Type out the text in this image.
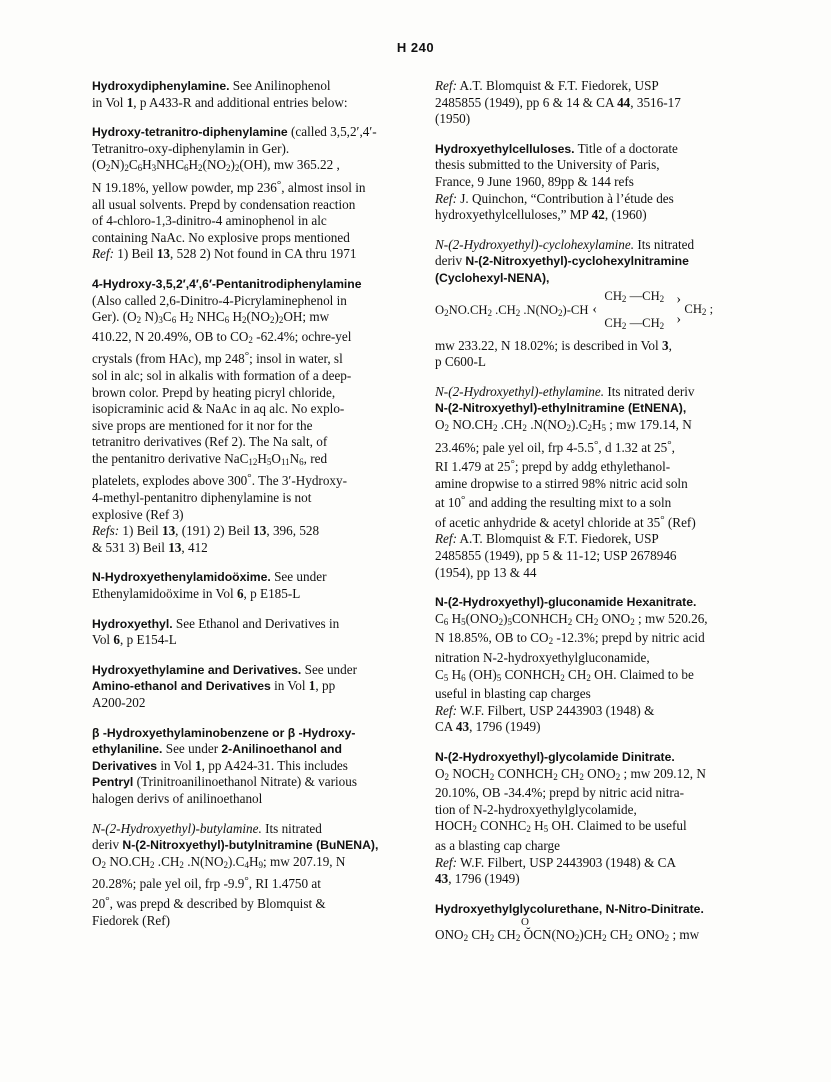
H 240

Hydroxydiphenylamine. See Anilinophenol

in Vol 1, p A433-R and additional entries below:

Hydroxy-tetranitro-diphenylamine (called 3,5,2′,4′-

Tetranitro-oxy-diphenylamin in Ger).

$(O_2N)_2C_6H_3NHC_6H_2(NO_2)_2(OH)$, mw 365.22 ,

N 19.18%, yellow powder, mp 236°, almost insol in

all usual solvents. Prepd by condensation reaction

of 4-chloro-1,3-dinitro-4 aminophenol in alc

containing NaAc. No explosive props mentioned

Ref: 1) Beil 13, 528 2) Not found in CA thru 1971

4-Hydroxy-3,5,2′,4′,6′-Pentanitrodiphenylamine

(Also called 2,6-Dinitro-4-Picrylaminephenol in

Ger). ($O_2$ $N)_3C_6$ $H_2$ $NHC_6$ $H_2(NO_2)_2OH$; mw

410.22, N 20.49%, OB to $CO_2$ -62.4%; ochre-yel

crystals (from HAc), mp 248°; insol in water, sl

sol in alc; sol in alkalis with formation of a deep-

brown color. Prepd by heating picryl chloride,

isopicraminic acid & NaAc in aq alc. No explo-

sive props are mentioned for it nor for the

tetranitro derivatives (Ref 2). The Na salt, of

the pentanitro derivative $NaC_{12}H_5O_{11}N_6$, red

platelets, explodes above 300°. The 3′-Hydroxy-

4-methyl-pentanitro diphenylamine is not

explosive (Ref 3)

Refs: 1) Beil 13, (191) 2) Beil 13, 396, 528

& 531 3) Beil 13, 412

N-Hydroxyethenylamidoöxime. See under

Ethenylamidoöxime in Vol 6, p E185-L

Hydroxyethyl. See Ethanol and Derivatives in

Vol 6, p E154-L

Hydroxyethylamine and Derivatives. See under

Amino-ethanol and Derivatives in Vol 1, pp

A200-202

β -Hydroxyethylaminobenzene or β -Hydroxy-

ethylaniline. See under 2-Anilinoethanol and

Derivatives in Vol 1, pp A424-31. This includes

Pentryl (Trinitroanilinoethanol Nitrate) & various

halogen derivs of anilinoethanol

N-(2-Hydroxyethyl)-butylamine. Its nitrated

deriv N-(2-Nitroxyethyl)-butylnitramine (BuNENA),

$O_2$ $NO.CH_2$ $.CH_2$ $.N(NO_2).C_4H_9$; mw 207.19, N

20.28%; pale yel oil, frp -9.9°, RI 1.4750 at

20°, was prepd & described by Blomquist &

Fiedorek (Ref)

Ref: A.T. Blomquist & F.T. Fiedorek, USP

2485855 (1949), pp 6 & 14 & CA 44, 3516-17

(1950)

Hydroxyethylcelluloses. Title of a doctorate

thesis submitted to the University of Paris,

France, 9 June 1960, 89pp & 144 refs

Ref: J. Quinchon, “Contribution à l’étude des

hydroxyethylcelluloses,” MP 42, (1960)

N-(2-Hydroxyethyl)-cyclohexylamine. Its nitrated

deriv N-(2-Nitroxyethyl)-cyclohexylnitramine

(Cyclohexyl-NENA),

$O_2NO.CH_2$ $.CH_2$ $.N(NO_2)-CH$ ‹
$CH_2$ $—CH_2$
$CH_2$ $—CH_2$
›
›
$CH_2$ ;

mw 233.22, N 18.02%; is described in Vol 3,

p C600-L

N-(2-Hydroxyethyl)-ethylamine. Its nitrated deriv

N-(2-Nitroxyethyl)-ethylnitramine (EtNENA),

$O_2$ $NO.CH_2$ $.CH_2$ $.N(NO_2).C_2H_5$ ; mw 179.14, N

23.46%; pale yel oil, frp 4-5.5°, d 1.32 at 25°,

RI 1.479 at 25°; prepd by addg ethylethanol-

amine dropwise to a stirred 98% nitric acid soln

at 10° and adding the resulting mixt to a soln

of acetic anhydride & acetyl chloride at 35° (Ref)

Ref: A.T. Blomquist & F.T. Fiedorek, USP

2485855 (1949), pp 5 & 11-12; USP 2678946

(1954), pp 13 & 44

N-(2-Hydroxyethyl)-gluconamide Hexanitrate.

$C_6$ $H_5(ONO_2)_5CONHCH_2$ $CH_2$ $ONO_2$ ; mw 520.26,

N 18.85%, OB to $CO_2$ -12.3%; prepd by nitric acid

nitration N-2-hydroxyethylgluconamide,

$C_5$ $H_6$ $(OH)_5$ $CONHCH_2$ $CH_2$ OH. Claimed to be

useful in blasting cap charges

Ref: W.F. Filbert, USP 2443903 (1948) &

CA 43, 1796 (1949)

N-(2-Hydroxyethyl)-glycolamide Dinitrate.

$O_2$ $NOCH_2$ $CONHCH_2$ $CH_2$ $ONO_2$ ; mw 209.12, N

20.10%, OB -34.4%; prepd by nitric acid nitra-

tion of N-2-hydroxyethylglycolamide,

$HOCH_2$ $CONHC_2$ $H_5$ OH. Claimed to be useful

as a blasting cap charge

Ref: W.F. Filbert, USP 2443903 (1948) & CA

43, 1796 (1949)

Hydroxyethylglycolurethane, N-Nitro-Dinitrate.

O

$ONO_2$ $CH_2$ $CH_2$ $ŎCN(NO_2)CH_2$ $CH_2$ $ONO_2$ ; mw
